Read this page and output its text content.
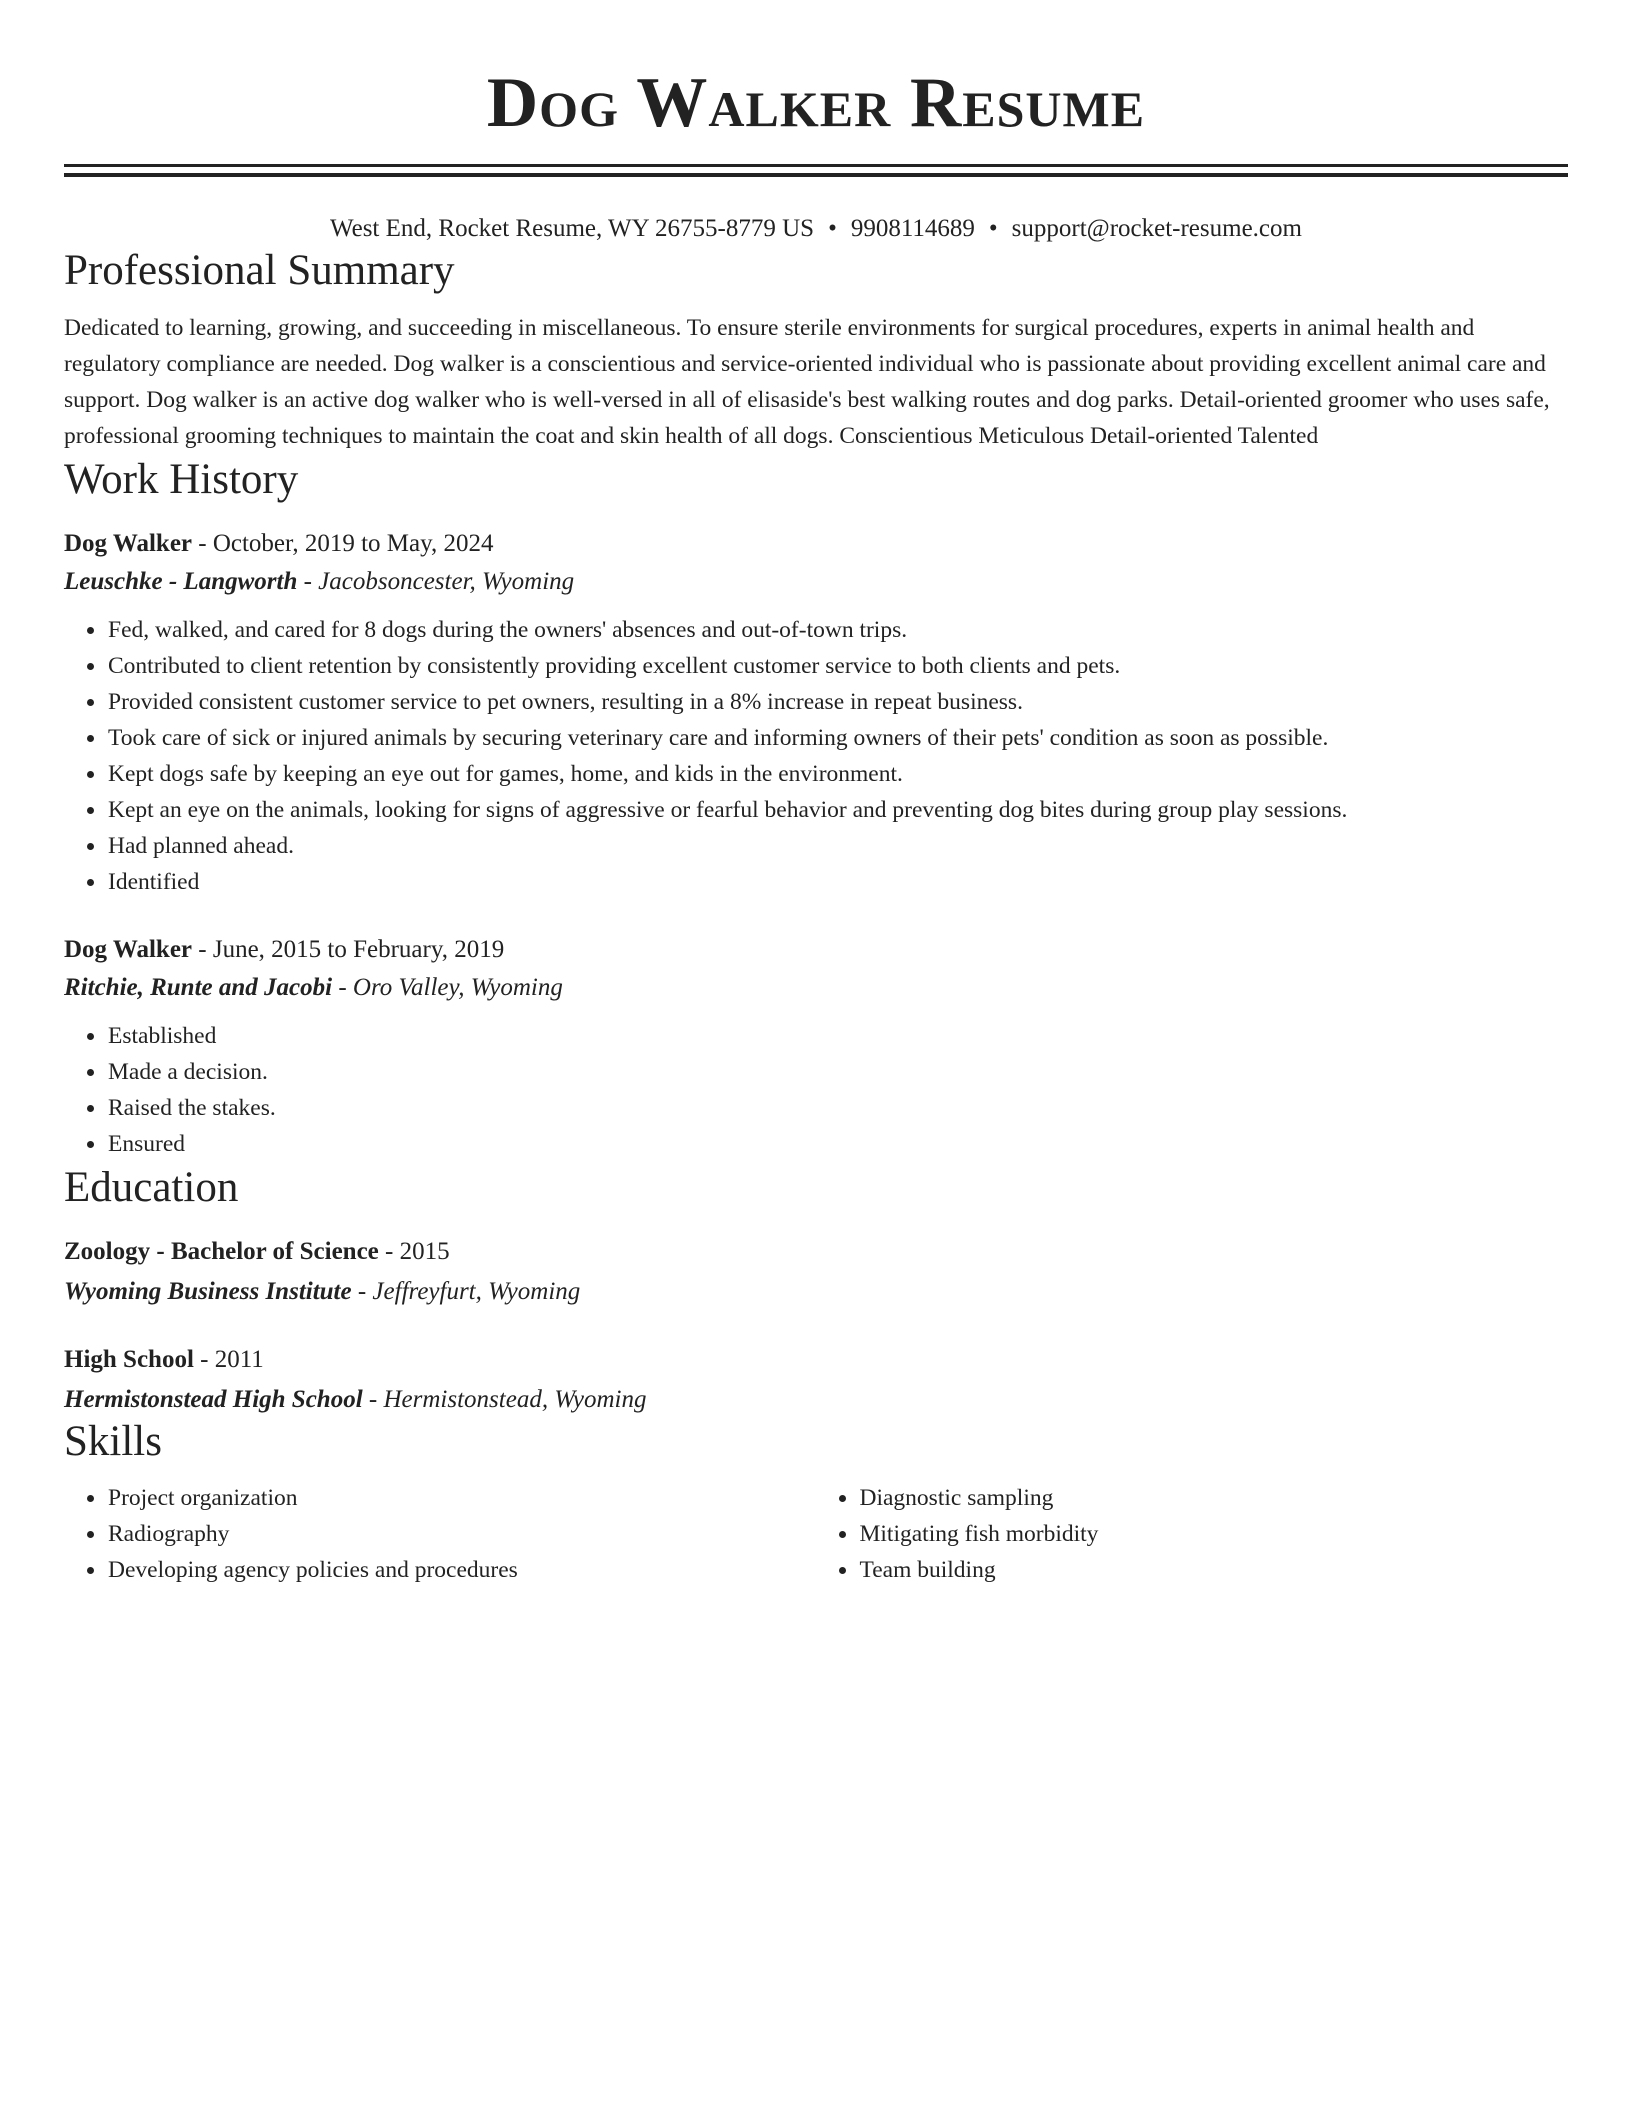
Dog Walker Resume
West End, Rocket Resume, WY 26755-8779 US • 9908114689 • support@rocket-resume.com
Professional Summary
Dedicated to learning, growing, and succeeding in miscellaneous. To ensure sterile environments for surgical procedures, experts in animal health and regulatory compliance are needed. Dog walker is a conscientious and service-oriented individual who is passionate about providing excellent animal care and support. Dog walker is an active dog walker who is well-versed in all of elisaside's best walking routes and dog parks. Detail-oriented groomer who uses safe, professional grooming techniques to maintain the coat and skin health of all dogs. Conscientious Meticulous Detail-oriented Talented
Work History
Dog Walker - October, 2019 to May, 2024
Leuschke - Langworth - Jacobsoncester, Wyoming
• Fed, walked, and cared for 8 dogs during the owners' absences and out-of-town trips.
• Contributed to client retention by consistently providing excellent customer service to both clients and pets.
• Provided consistent customer service to pet owners, resulting in a 8% increase in repeat business.
• Took care of sick or injured animals by securing veterinary care and informing owners of their pets' condition as soon as possible.
• Kept dogs safe by keeping an eye out for games, home, and kids in the environment.
• Kept an eye on the animals, looking for signs of aggressive or fearful behavior and preventing dog bites during group play sessions.
• Had planned ahead.
• Identified
Dog Walker - June, 2015 to February, 2019
Ritchie, Runte and Jacobi - Oro Valley, Wyoming
• Established
• Made a decision.
• Raised the stakes.
• Ensured
Education
Zoology - Bachelor of Science - 2015
Wyoming Business Institute - Jeffreyfurt, Wyoming
High School - 2011
Hermistonstead High School - Hermistonstead, Wyoming
Skills
• Project organization
• Radiography
• Developing agency policies and procedures
• Diagnostic sampling
• Mitigating fish morbidity
• Team building
